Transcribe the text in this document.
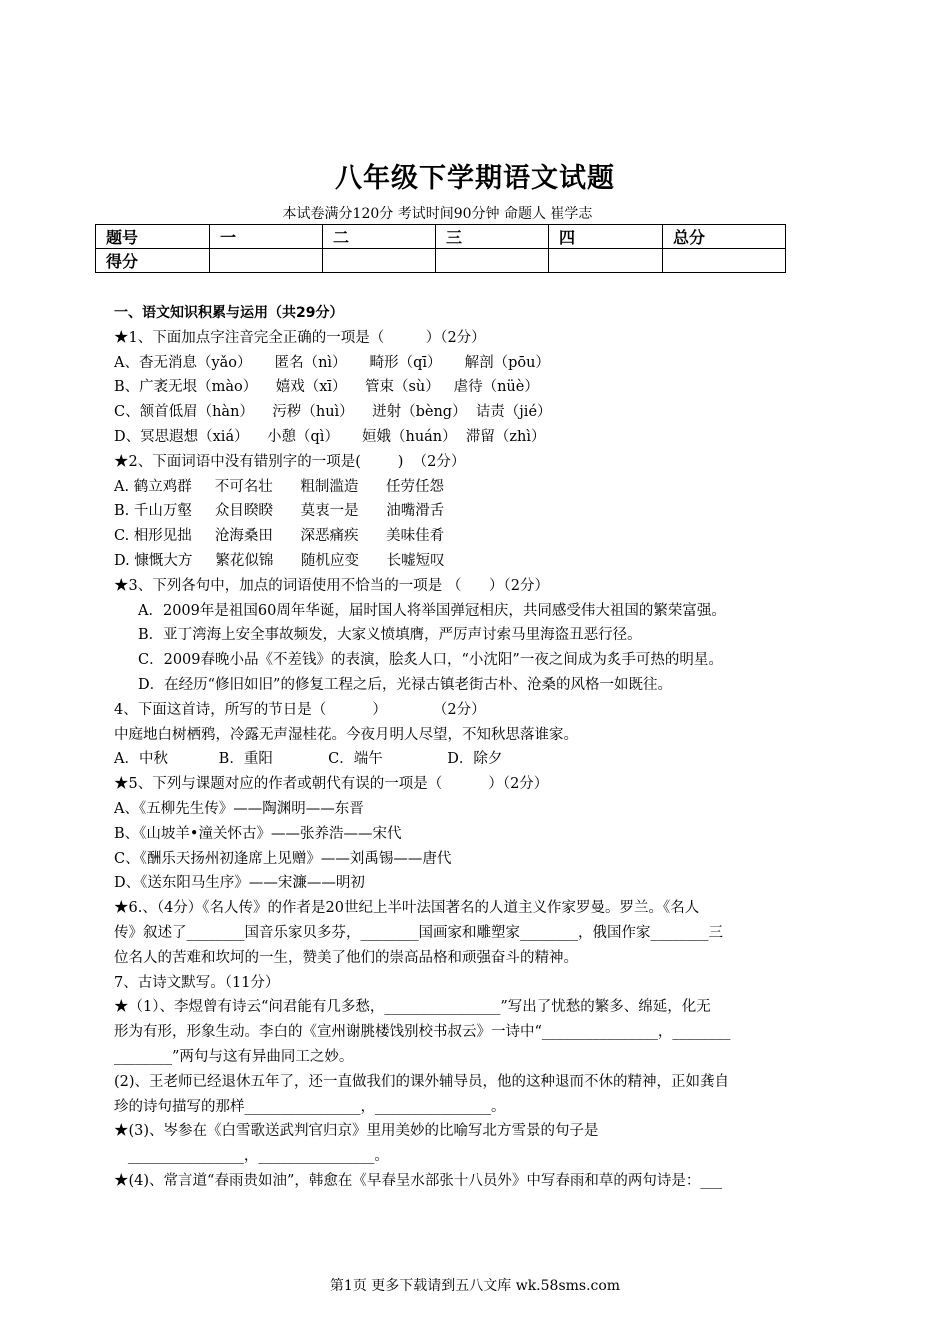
八年级下学期语文试题
本试卷满分120分 考试时间90分钟 命题人 崔学志
题号	一	二	三	四	总分
得分					
一、语文知识积累与运用（共29分）
★1、下面加点字注音完全正确的一项是（         ）（2分）
A、杳无消息（yǎo）     匿名（nì）     畸形（qī）     解剖（pōu）
B、广袤无垠（mào）    嬉戏（xī）    管束（sù）   虐待（nüè）
C、颔首低眉（hàn）    污秽（huì）    迸射（bèng）  诘责（jié）
D、冥思遐想（xiá）    小憩（qì）     姮娥（huán）  滞留（zhì）
★2、下面词语中没有错别字的一项是(        )  （2分）
A. 鹤立鸡群     不可名壮      粗制滥造      任劳任怨
B. 千山万壑     众目睽睽      莫衷一是      油嘴滑舌
C. 相形见拙     沧海桑田      深恶痛疾      美味佳肴
D. 慷慨大方     繁花似锦      随机应变      长嘘短叹
★3、下列各句中，加点的词语使用不恰当的一项是 （      ）（2分）
A．2009年是祖国60周年华诞，届时国人将举国弹冠相庆，共同感受伟大祖国的繁荣富强。
B．亚丁湾海上安全事故频发，大家义愤填膺，严厉声讨索马里海盗丑恶行径。
C．2009春晚小品《不差钱》的表演，脍炙人口，“小沈阳”一夜之间成为炙手可热的明星。
D．在经历“修旧如旧”的修复工程之后，光禄古镇老街古朴、沧桑的风格一如既往。
4、下面这首诗，所写的节日是（          ）          （2分）
中庭地白树栖鸦，冷露无声湿桂花。今夜月明人尽望，不知秋思落谁家。
A．中秋           B．重阳            C．端午              D．除夕
★5、下列与课题对应的作者或朝代有误的一项是（          ）（2分）
A、《五柳先生传》——陶渊明——东晋
B、《山坡羊•潼关怀古》——张养浩——宋代
C、《酬乐天扬州初逢席上见赠》——刘禹锡——唐代
D、《送东阳马生序》——宋濂——明初
★6.、（4分）《名人传》的作者是20世纪上半叶法国著名的人道主义作家罗曼。罗兰。《名人
传》叙述了________国音乐家贝多芬，________国画家和雕塑家________，俄国作家________三
位名人的苦难和坎坷的一生，赞美了他们的崇高品格和顽强奋斗的精神。
7、古诗文默写。（11分）
★（1）、李煜曾有诗云“问君能有几多愁，________________”写出了忧愁的繁多、绵延，化无
形为有形，形象生动。李白的《宣州谢朓楼饯别校书叔云》一诗中“________________，________
________”两句与这有异曲同工之妙。
(2)、王老师已经退休五年了，还一直做我们的课外辅导员，他的这种退而不休的精神，正如龚自
珍的诗句描写的那样________________，________________。
★(3)、岑参在《白雪歌送武判官归京》里用美妙的比喻写北方雪景的句子是
________________，________________。
★(4)、常言道“春雨贵如油”，韩愈在《早春呈水部张十八员外》中写春雨和草的两句诗是：___
第1页 更多下载请到五八文库 wk.58sms.com
